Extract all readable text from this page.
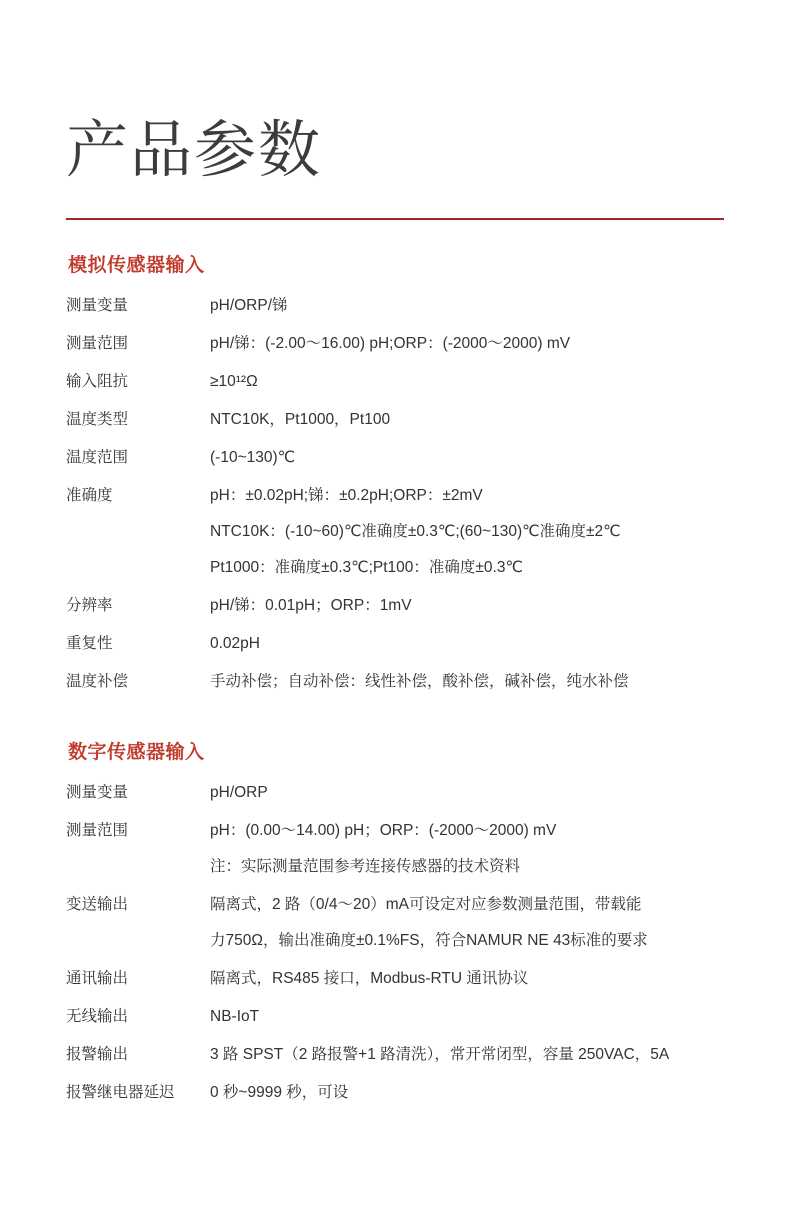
产品参数
模拟传感器输入
测量变量	pH/ORP/锑

测量范围	pH/锑：(-2.00～16.00) pH;ORP：(-2000～2000) mV

输入阻抗	≥10¹²Ω

温度类型	NTC10K，Pt1000，Pt100

温度范围	(-10~130)℃

准确度	pH：±0.02pH;锑：±0.2pH;ORP：±2mV

NTC10K：(-10~60)℃准确度±0.3℃;(60~130)℃准确度±2℃

Pt1000：准确度±0.3℃;Pt100：准确度±0.3℃

分辨率	pH/锑：0.01pH；ORP：1mV

重复性	0.02pH

温度补偿	手动补偿；自动补偿：线性补偿，酸补偿，碱补偿，纯水补偿

数字传感器输入
测量变量	pH/ORP

测量范围	pH：(0.00～14.00) pH；ORP：(-2000～2000) mV

注：实际测量范围参考连接传感器的技术资料

变送输出	隔离式，2 路（0/4～20）mA可设定对应参数测量范围，带载能

力750Ω，输出准确度±0.1%FS，符合NAMUR NE 43标准的要求

通讯输出	隔离式，RS485 接口，Modbus-RTU 通讯协议

无线输出	NB-IoT

报警输出	3 路 SPST（2 路报警+1 路清洗），常开常闭型，容量 250VAC，5A

报警继电器延迟	0 秒~9999 秒，可设
